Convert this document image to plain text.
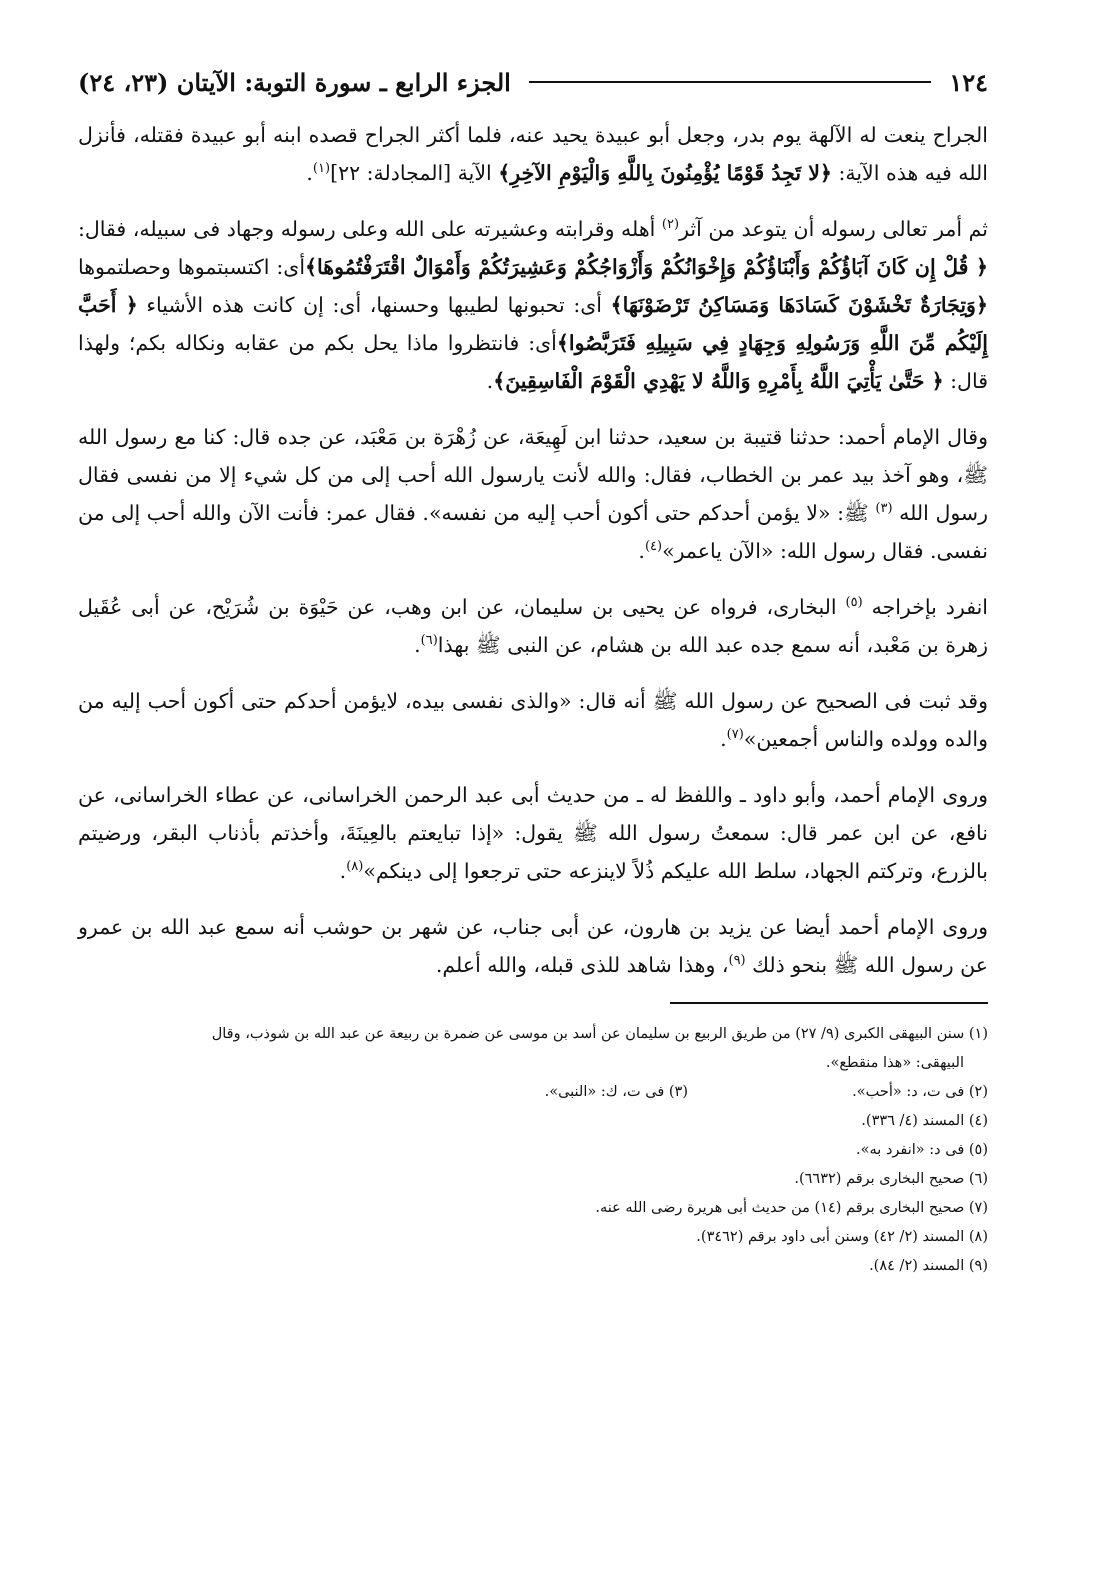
١٢٤
الجزء الرابع ـ سورة التوبة: الآيتان (٢٣، ٢٤)

الجراح ينعت له الآلهة يوم بدر، وجعل أبو عبيدة يحيد عنه، فلما أكثر الجراح قصده ابنه أبو عبيدة فقتله، فأنزل الله فيه هذه الآية: ﴿لا تَجِدُ قَوْمًا يُؤْمِنُونَ بِاللَّهِ وَالْيَوْمِ الآخِرِ﴾ الآية [المجادلة: ٢٢]$^{(١)}$.

ثم أمر تعالى رسوله أن يتوعد من آثر$^{(٢)}$ أهله وقرابته وعشيرته على الله وعلى رسوله وجهاد فى سبيله، فقال: ﴿ قُلْ إِن كَانَ آبَاؤُكُمْ وَأَبْنَاؤُكُمْ وَإِخْوَانُكُمْ وَأَزْوَاجُكُمْ وَعَشِيرَتُكُمْ وَأَمْوَالٌ اقْتَرَفْتُمُوهَا﴾أى: اكتسبتموها وحصلتموها ﴿وَتِجَارَةٌ تَخْشَوْنَ كَسَادَهَا وَمَسَاكِنُ تَرْضَوْنَهَا﴾ أى: تحبونها لطيبها وحسنها، أى: إن كانت هذه الأشياء ﴿ أَحَبَّ إِلَيْكُم مِّنَ اللَّهِ وَرَسُولِهِ وَجِهَادٍ فِي سَبِيلِهِ فَتَرَبَّصُوا﴾أى: فانتظروا ماذا يحل بكم من عقابه ونكاله بكم؛ ولهذا قال: ﴿ حَتَّىٰ يَأْتِيَ اللَّهُ بِأَمْرِهِ وَاللَّهُ لا يَهْدِي الْقَوْمَ الْفَاسِقِينَ﴾.

وقال الإمام أحمد: حدثنا قتيبة بن سعيد، حدثنا ابن لَهِيعَة، عن زُهْرَة بن مَعْبَد، عن جده قال: كنا مع رسول الله ﷺ، وهو آخذ بيد عمر بن الخطاب، فقال: والله لأنت يارسول الله أحب إلى من كل شيء إلا من نفسى فقال رسول الله $^{(٣)}$ ﷺ: «لا يؤمن أحدكم حتى أكون أحب إليه من نفسه». فقال عمر: فأنت الآن والله أحب إلى من نفسى. فقال رسول الله: «الآن ياعمر»$^{(٤)}$.

انفرد بإخراجه $^{(٥)}$ البخارى، فرواه عن يحيى بن سليمان، عن ابن وهب، عن حَيْوَة بن شُرَيْح، عن أبى عُقَيل زهرة بن مَعْبد، أنه سمع جده عبد الله بن هشام، عن النبى ﷺ بهذا$^{(٦)}$.

وقد ثبت فى الصحيح عن رسول الله ﷺ أنه قال: «والذى نفسى بيده، لايؤمن أحدكم حتى أكون أحب إليه من والده وولده والناس أجمعين»$^{(٧)}$.

وروى الإمام أحمد، وأبو داود ـ واللفظ له ـ من حديث أبى عبد الرحمن الخراسانى، عن عطاء الخراسانى، عن نافع، عن ابن عمر قال: سمعتُ رسول الله ﷺ يقول: «إذا تبايعتم بالعِينَةَ، وأخذتم بأذناب البقر، ورضيتم بالزرع، وتركتم الجهاد، سلط الله عليكم ذُلاً لاينزعه حتى ترجعوا إلى دينكم»$^{(٨)}$.

وروى الإمام أحمد أيضا عن يزيد بن هارون، عن أبى جناب، عن شهر بن حوشب أنه سمع عبد الله بن عمرو عن رسول الله ﷺ بنحو ذلك $^{(٩)}$، وهذا شاهد للذى قبله، والله أعلم.

(١) سنن البيهقى الكبرى (٩/ ٢٧) من طريق الربيع بن سليمان عن أسد بن موسى عن ضمرة بن ربيعة عن عبد الله بن شوذب، وقال

البيهقى: «هذا منقطع».

(٢) فى ت، د: «أحب».

(٣) فى ت، ك: «النبى».

(٤) المسند (٤/ ٣٣٦).

(٥) فى د: «انفرد به».

(٦) صحيح البخارى برقم (٦٦٣٢).

(٧) صحيح البخارى برقم (١٤) من حديث أبى هريرة رضى الله عنه.

(٨) المسند (٢/ ٤٢) وسنن أبى داود برقم (٣٤٦٢).

(٩) المسند (٢/ ٨٤).
